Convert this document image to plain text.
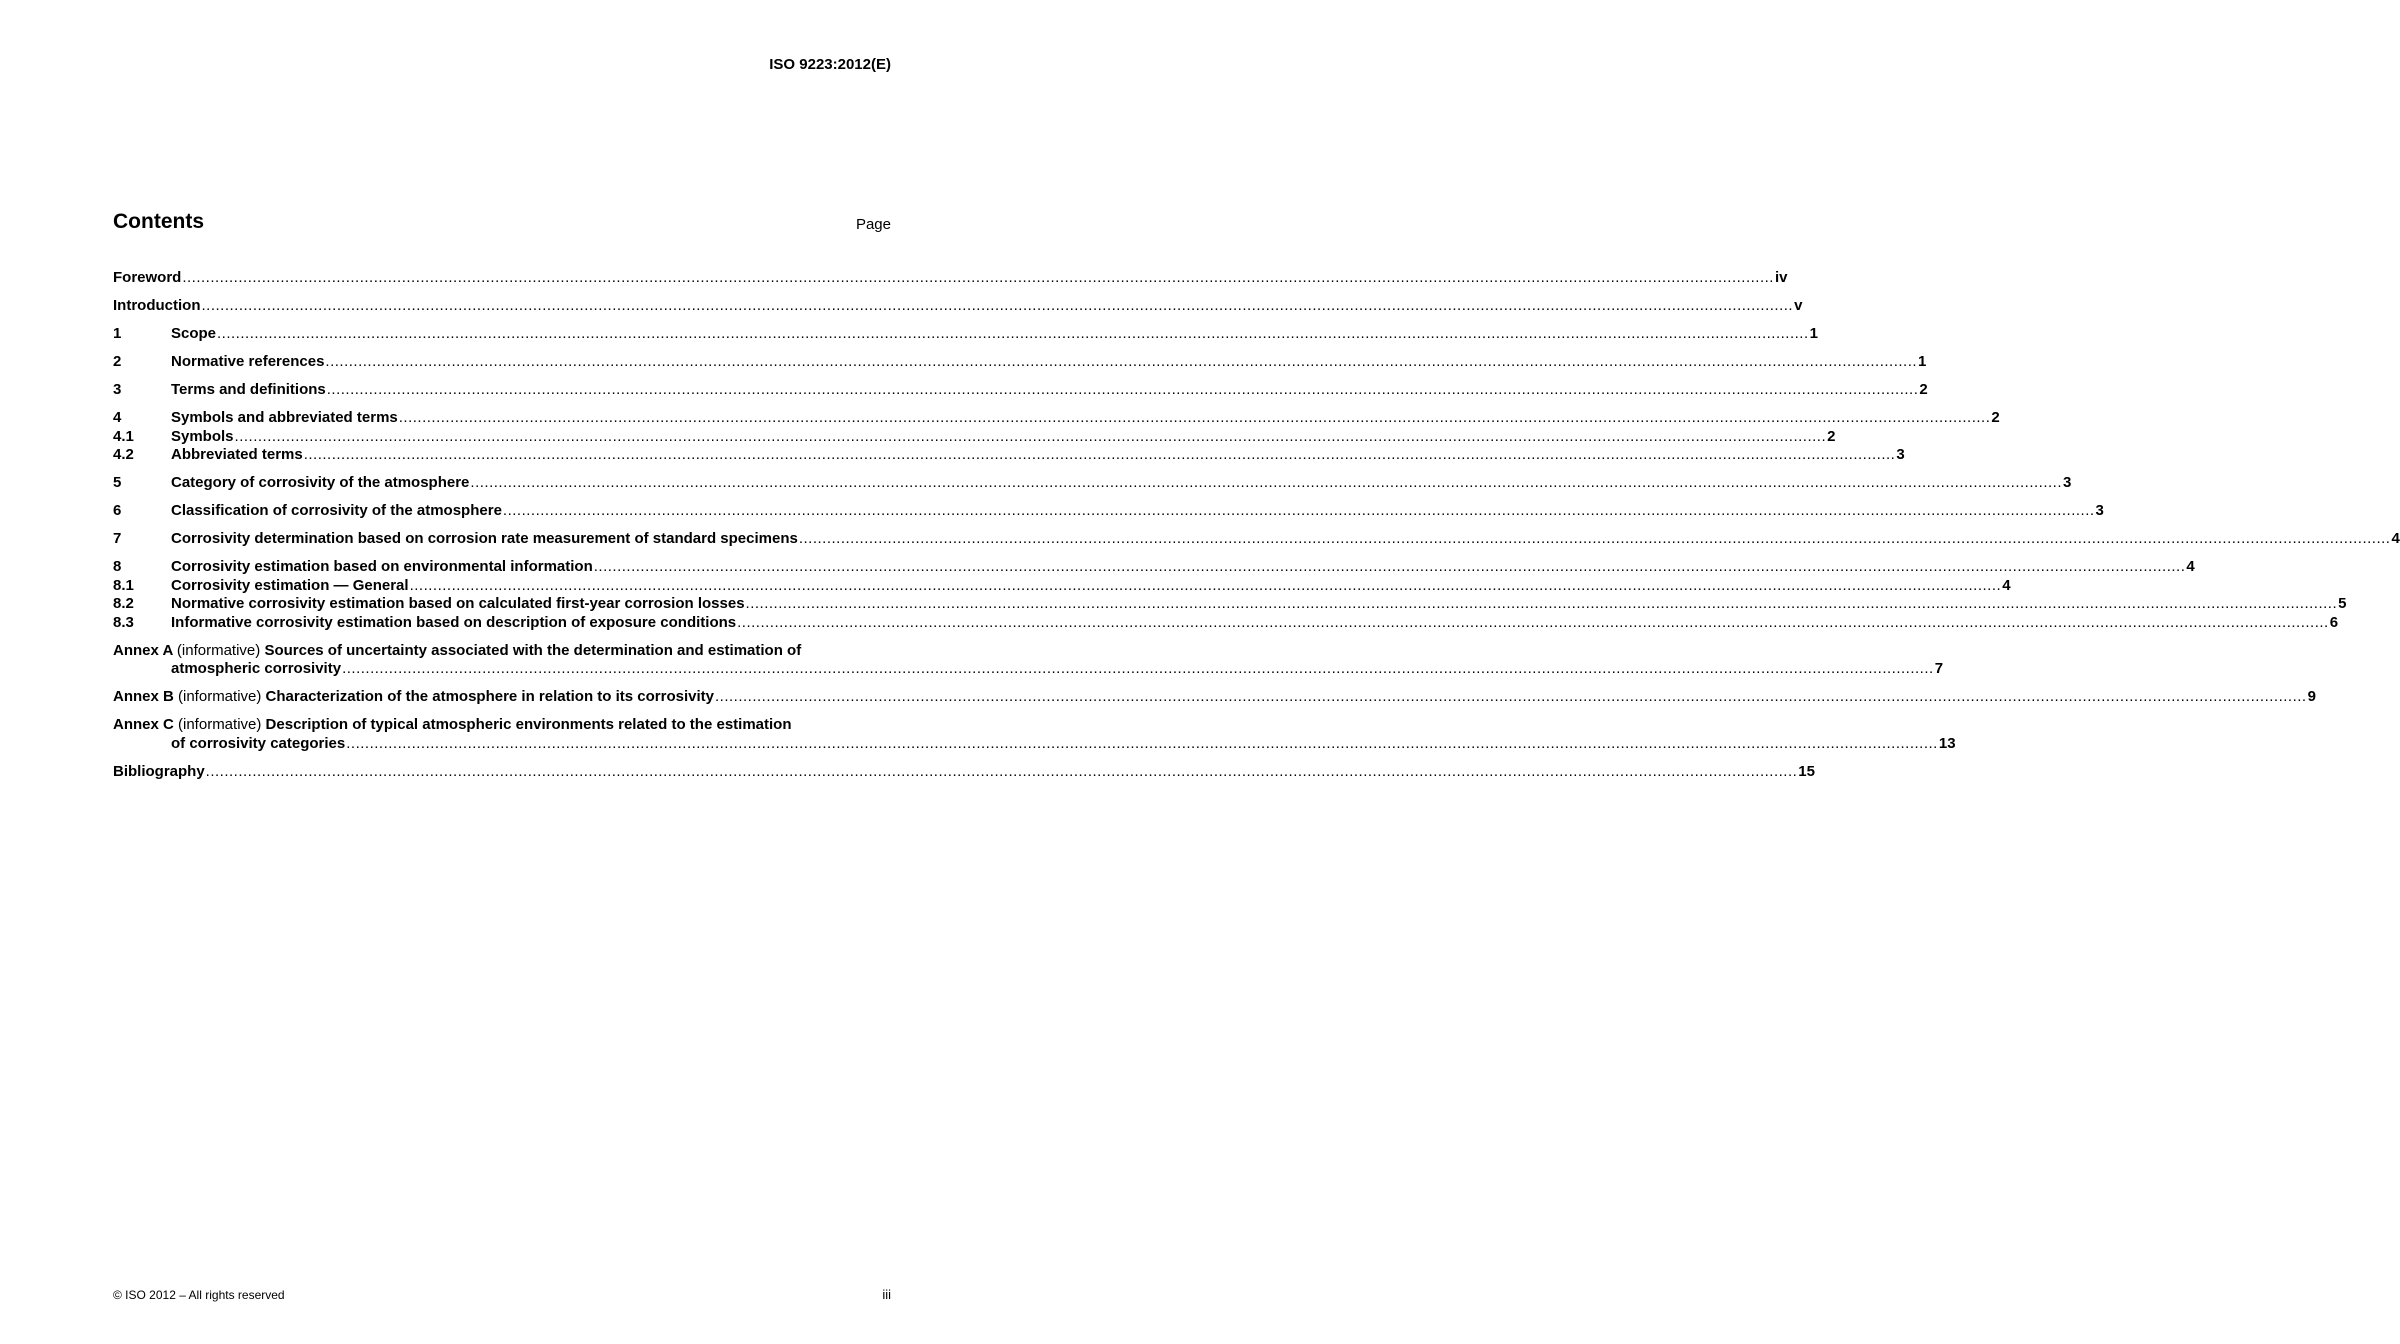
ISO 9223:2012(E)
Contents	Page
Foreword .....	iv
Introduction .....	v
1	Scope .....	1
2	Normative references .....	1
3	Terms and definitions .....	2
4	Symbols and abbreviated terms .....	2
4.1	Symbols .....	2
4.2	Abbreviated terms .....	3
5	Category of corrosivity of the atmosphere .....	3
6	Classification of corrosivity of the atmosphere .....	3
7	Corrosivity determination based on corrosion rate measurement of standard specimens .....	4
8	Corrosivity estimation based on environmental information .....	4
8.1	Corrosivity estimation — General .....	4
8.2	Normative corrosivity estimation based on calculated first-year corrosion losses .....	5
8.3	Informative corrosivity estimation based on description of exposure conditions .....	6
Annex A (informative) Sources of uncertainty associated with the determination and estimation of
atmospheric corrosivity .....	7
Annex B (informative) Characterization of the atmosphere in relation to its corrosivity .....	9
Annex C (informative) Description of typical atmospheric environments related to the estimation
of corrosivity categories .....	13
Bibliography .....	15
© ISO 2012 – All rights reserved	iii
